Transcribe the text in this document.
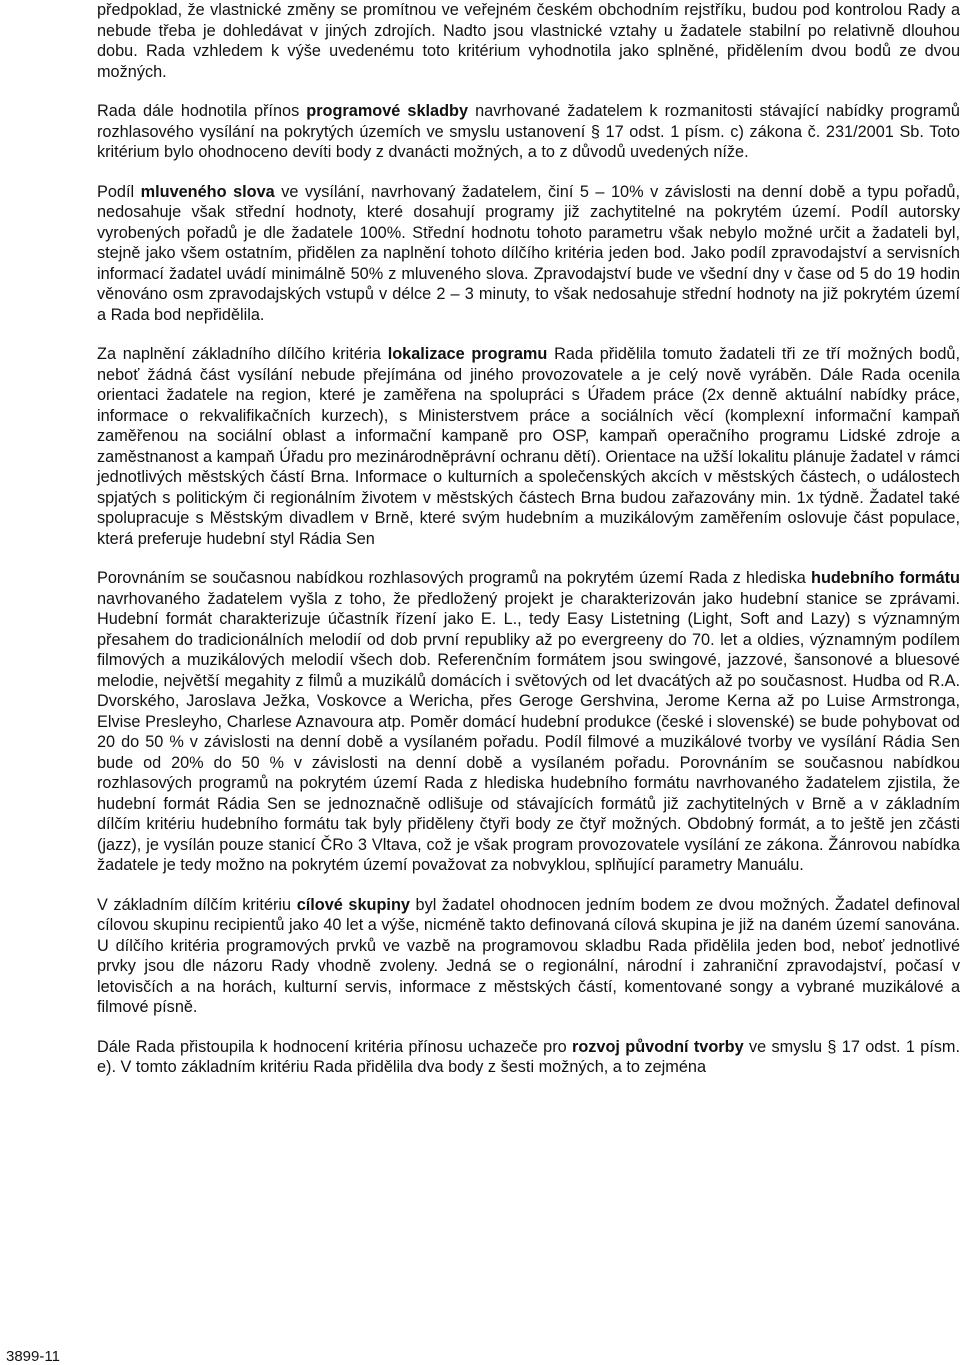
předpoklad, že vlastnické změny se promítnou ve veřejném českém obchodním rejstříku, budou pod kontrolou Rady a nebude třeba je dohledávat v jiných zdrojích. Nadto jsou vlastnické vztahy u žadatele stabilní po relativně dlouhou dobu. Rada vzhledem k výše uvedenému toto kritérium vyhodnotila jako splněné, přidělením dvou bodů ze dvou možných.

Rada dále hodnotila přínos programové skladby navrhované žadatelem k rozmanitosti stávající nabídky programů rozhlasového vysílání na pokrytých územích ve smyslu ustanovení § 17 odst. 1 písm. c) zákona č. 231/2001 Sb. Toto kritérium bylo ohodnoceno devíti body z dvanácti možných, a to z důvodů uvedených níže.

Podíl mluveného slova ve vysílání, navrhovaný žadatelem, činí 5 – 10% v závislosti na denní době a typu pořadů, nedosahuje však střední hodnoty, které dosahují programy již zachytitelné na pokrytém území. Podíl autorsky vyrobených pořadů je dle žadatele 100%. Střední hodnotu tohoto parametru však nebylo možné určit a žadateli byl, stejně jako všem ostatním, přidělen za naplnění tohoto dílčího kritéria jeden bod. Jako podíl zpravodajství a servisních informací žadatel uvádí minimálně 50% z mluveného slova. Zpravodajství bude ve všední dny v čase od 5 do 19 hodin věnováno osm zpravodajských vstupů v délce 2 – 3 minuty, to však nedosahuje střední hodnoty na již pokrytém území a Rada bod nepřidělila.

Za naplnění základního dílčího kritéria lokalizace programu Rada přidělila tomuto žadateli tři ze tří možných bodů, neboť žádná část vysílání nebude přejímána od jiného provozovatele a je celý nově vyráběn. Dále Rada ocenila orientaci žadatele na region, které je zaměřena na spolupráci s Úřadem práce (2x denně aktuální nabídky práce, informace o rekvalifikačních kurzech), s Ministerstvem práce a sociálních věcí (komplexní informační kampaň zaměřenou na sociální oblast a informační kampaně pro OSP, kampaň operačního programu Lidské zdroje a zaměstnanost a kampaň Úřadu pro mezinárodněprávní ochranu dětí). Orientace na užší lokalitu plánuje žadatel v rámci jednotlivých městských částí Brna. Informace o kulturních a společenských akcích v městských částech, o událostech spjatých s politickým či regionálním životem v městských částech Brna budou zařazovány min. 1x týdně. Žadatel také spolupracuje s Městským divadlem v Brně, které svým hudebním a muzikálovým zaměřením oslovuje část populace, která preferuje hudební styl Rádia Sen

Porovnáním se současnou nabídkou rozhlasových programů na pokrytém území Rada z hlediska hudebního formátu navrhovaného žadatelem vyšla z toho, že předložený projekt je charakterizován jako hudební stanice se zprávami. Hudební formát charakterizuje účastník řízení jako E. L., tedy Easy Listetning (Light, Soft and Lazy) s významným přesahem do tradicionálních melodií od dob první republiky až po evergreeny do 70. let a oldies, významným podílem filmových a muzikálových melodií všech dob. Referenčním formátem jsou swingové, jazzové, šansonové a bluesové melodie, největší megahity z filmů a muzikálů domácích i světových od let dvacátých až po současnost. Hudba od R.A. Dvorského, Jaroslava Ježka, Voskovce a Wericha, přes Geroge Gershvina, Jerome Kerna až po Luise Armstronga, Elvise Presleyho, Charlese Aznavoura atp. Poměr domácí hudební produkce (české i slovenské) se bude pohybovat od 20 do 50 % v závislosti na denní době a vysílaném pořadu. Podíl filmové a muzikálové tvorby ve vysílání Rádia Sen bude od 20% do 50 % v závislosti na denní době a vysílaném pořadu. Porovnáním se současnou nabídkou rozhlasových programů na pokrytém území Rada z hlediska hudebního formátu navrhovaného žadatelem zjistila, že hudební formát Rádia Sen se jednoznačně odlišuje od stávajících formátů již zachytitelných v Brně a v základním dílčím kritériu hudebního formátu tak byly přiděleny čtyři body ze čtyř možných. Obdobný formát, a to ještě jen zčásti (jazz), je vysílán pouze stanicí ČRo 3 Vltava, což je však program provozovatele vysílání ze zákona. Žánrovou nabídka žadatele je tedy možno na pokrytém území považovat za nobvyklou, splňující parametry Manuálu.

V základním dílčím kritériu cílové skupiny byl žadatel ohodnocen jedním bodem ze dvou možných. Žadatel definoval cílovou skupinu recipientů jako 40 let a výše, nicméně takto definovaná cílová skupina je již na daném území sanována. U dílčího kritéria programových prvků ve vazbě na programovou skladbu Rada přidělila jeden bod, neboť jednotlivé prvky jsou dle názoru Rady vhodně zvoleny. Jedná se o regionální, národní i zahraniční zpravodajství, počasí v letovisčích a na horách, kulturní servis, informace z městských částí, komentované songy a vybrané muzikálové a filmové písně.

Dále Rada přistoupila k hodnocení kritéria přínosu uchazeče pro rozvoj původní tvorby ve smyslu § 17 odst. 1 písm. e). V tomto základním kritériu Rada přidělila dva body z šesti možných, a to zejména

3899-11
